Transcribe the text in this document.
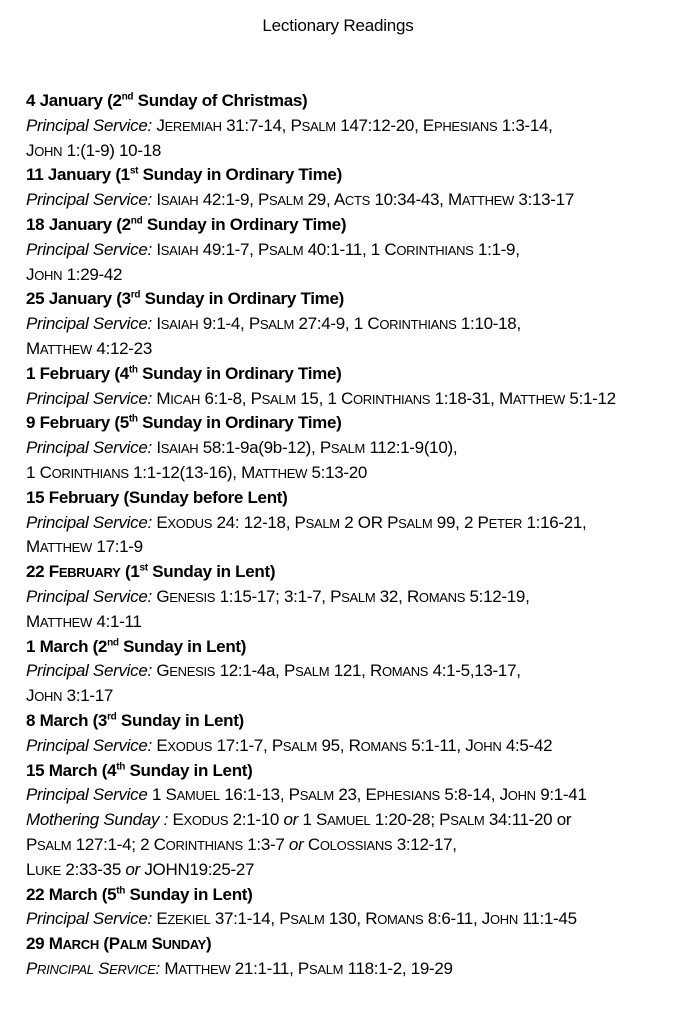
Lectionary Readings
4 January (2nd Sunday of Christmas)
Principal Service: JEREMIAH 31:7-14, PSALM 147:12-20, EPHESIANS 1:3-14,
JOHN 1:(1-9) 10-18
11 January (1st Sunday in Ordinary Time)
Principal Service: ISAIAH 42:1-9, PSALM 29, ACTS 10:34-43, MATTHEW 3:13-17
18 January (2nd Sunday in Ordinary Time)
Principal Service: ISAIAH 49:1-7, PSALM 40:1-11, 1 CORINTHIANS 1:1-9,
JOHN 1:29-42
25 January (3rd Sunday in Ordinary Time)
Principal Service: ISAIAH 9:1-4, PSALM 27:4-9, 1 CORINTHIANS 1:10-18,
MATTHEW 4:12-23
1 February (4th Sunday in Ordinary Time)
Principal Service: MICAH 6:1-8, PSALM 15, 1 CORINTHIANS 1:18-31, MATTHEW 5:1-12
9 February (5th Sunday in Ordinary Time)
Principal Service: ISAIAH 58:1-9a(9b-12), PSALM 112:1-9(10),
1 CORINTHIANS 1:1-12(13-16), MATTHEW 5:13-20
15 February (Sunday before Lent)
Principal Service: EXODUS 24: 12-18, PSALM 2 OR PSALM 99, 2 PETER 1:16-21,
MATTHEW 17:1-9
22 FEBRUARY (1st Sunday in Lent)
Principal Service: GENESIS 1:15-17; 3:1-7, PSALM 32, ROMANS 5:12-19,
MATTHEW 4:1-11
1 March (2nd Sunday in Lent)
Principal Service: GENESIS 12:1-4a, PSALM 121, ROMANS 4:1-5,13-17,
JOHN 3:1-17
8 March (3rd Sunday in Lent)
Principal Service: EXODUS 17:1-7, PSALM 95, ROMANS 5:1-11, JOHN 4:5-42
15 March (4th Sunday in Lent)
Principal Service 1 SAMUEL 16:1-13, PSALM 23, EPHESIANS 5:8-14, JOHN 9:1-41
Mothering Sunday : EXODUS 2:1-10 or 1 SAMUEL 1:20-28; PSALM 34:11-20 or
PSALM 127:1-4; 2 CORINTHIANS 1:3-7 or COLOSSIANS 3:12-17,
LUKE 2:33-35 or JOHN19:25-27
22 March (5th Sunday in Lent)
Principal Service: EZEKIEL 37:1-14, PSALM 130, ROMANS 8:6-11, JOHN 11:1-45
29 MARCH (PALM SUNDAY)
PRINCIPAL SERVICE: MATTHEW 21:1-11, PSALM 118:1-2, 19-29
